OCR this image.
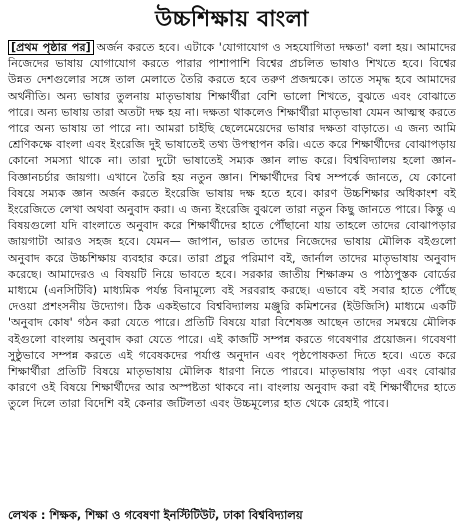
উচ্চশিক্ষায় বাংলা

[প্রথম পৃষ্ঠার পর] অর্জন করতে হবে। এটাকে 'যোগাযোগ ও সহযোগিতা দক্ষতা' বলা হয়। আমাদের নিজেদের ভাষায় যোগাযোগ করতে পারার পাশাপাশি বিশ্বের প্রচলিত ভাষাও শিখতে হবে। বিশ্বের উন্নত দেশগুলোর সঙ্গে তাল মেলাতে তৈরি করতে হবে তরুণ প্রজন্মকে। তাতে সমৃদ্ধ হবে আমাদের অর্থনীতি। অন্য ভাষার তুলনায় মাতৃভাষায় শিক্ষার্থীরা বেশি ভালো শিখতে, বুঝতে এবং বোঝাতে পারে। অন্য ভাষায় তারা অতটা দক্ষ হয় না। দক্ষতা থাকলেও শিক্ষার্থীরা মাতৃভাষা যেমন আত্মস্থ করতে পারে অন্য ভাষায় তা পারে না। আমরা চাইছি ছেলেমেয়েদের ভাষার দক্ষতা বাড়াতে। এ জন্য আমি শ্রেণিকক্ষে বাংলা এবং ইংরেজি দুই ভাষাতেই তথ্য উপস্থাপন করি। এতে করে শিক্ষার্থীদের বোঝাপড়ায় কোনো সমস্যা থাকে না। তারা দুটো ভাষাতেই সম্যক জ্ঞান লাভ করে। বিশ্ববিদ্যালয় হলো জ্ঞান-বিজ্ঞানচর্চার জায়গা। এখানে তৈরি হয় নতুন জ্ঞান। শিক্ষার্থীদের বিশ্ব সম্পর্কে জানতে, যে কোনো বিষয়ে সম্যক জ্ঞান অর্জন করতে ইংরেজি ভাষায় দক্ষ হতে হবে। কারণ উচ্চশিক্ষার অধিকাংশ বই ইংরেজিতে লেখা অথবা অনুবাদ করা। এ জন্য ইংরেজি বুঝলে তারা নতুন কিছু জানতে পারে। কিন্তু এ বিষয়গুলো যদি বাংলাতে অনুবাদ করে শিক্ষার্থীদের হাতে পৌঁছানো যায় তাহলে তাদের বোঝাপড়ার জায়গাটা আরও সহজ হবে। যেমন— জাপান, ভারত তাদের নিজেদের ভাষায় মৌলিক বইগুলো অনুবাদ করে উচ্চশিক্ষায় ব্যবহার করে। তারা প্রচুর পরিমাণ বই, জার্নাল তাদের মাতৃভাষায় অনুবাদ করেছে। আমাদেরও এ বিষয়টি নিয়ে ভাবতে হবে। সরকার জাতীয় শিক্ষাক্রম ও পাঠ্যপুস্তক বোর্ডের মাধ্যমে (এনসিটিবি) মাধ্যমিক পর্যন্ত বিনামূল্যে বই সরবরাহ করছে। এভাবে বই সবার হাতে পৌঁছে দেওয়া প্রশংসনীয় উদ্যোগ। ঠিক একইভাবে বিশ্ববিদ্যালয় মঞ্জুরি কমিশনের (ইউজিসি) মাধ্যমে একটি 'অনুবাদ কোষ' গঠন করা যেতে পারে। প্রতিটি বিষয়ে যারা বিশেষজ্ঞ আছেন তাদের সমন্বয়ে মৌলিক বইগুলো বাংলায় অনুবাদ করা যেতে পারে। এই কাজটি সম্পন্ন করতে গবেষণার প্রয়োজন। গবেষণা সুষ্ঠুভাবে সম্পন্ন করতে এই গবেষকদের পর্যাপ্ত অনুদান এবং পৃষ্ঠপোষকতা দিতে হবে। এতে করে শিক্ষার্থীরা প্রতিটি বিষয়ে মাতৃভাষায় মৌলিক ধারণা নিতে পারবে। মাতৃভাষায় পড়া এবং বোঝার কারণে ওই বিষয়ে শিক্ষার্থীদের আর অস্পষ্টতা থাকবে না। বাংলায় অনুবাদ করা বই শিক্ষার্থীদের হাতে তুলে দিলে তারা বিদেশি বই কেনার জটিলতা এবং উচ্চমূল্যের হাত থেকে রেহাই পাবে।

লেখক : শিক্ষক, শিক্ষা ও গবেষণা ইনস্টিটিউট, ঢাকা বিশ্ববিদ্যালয়
